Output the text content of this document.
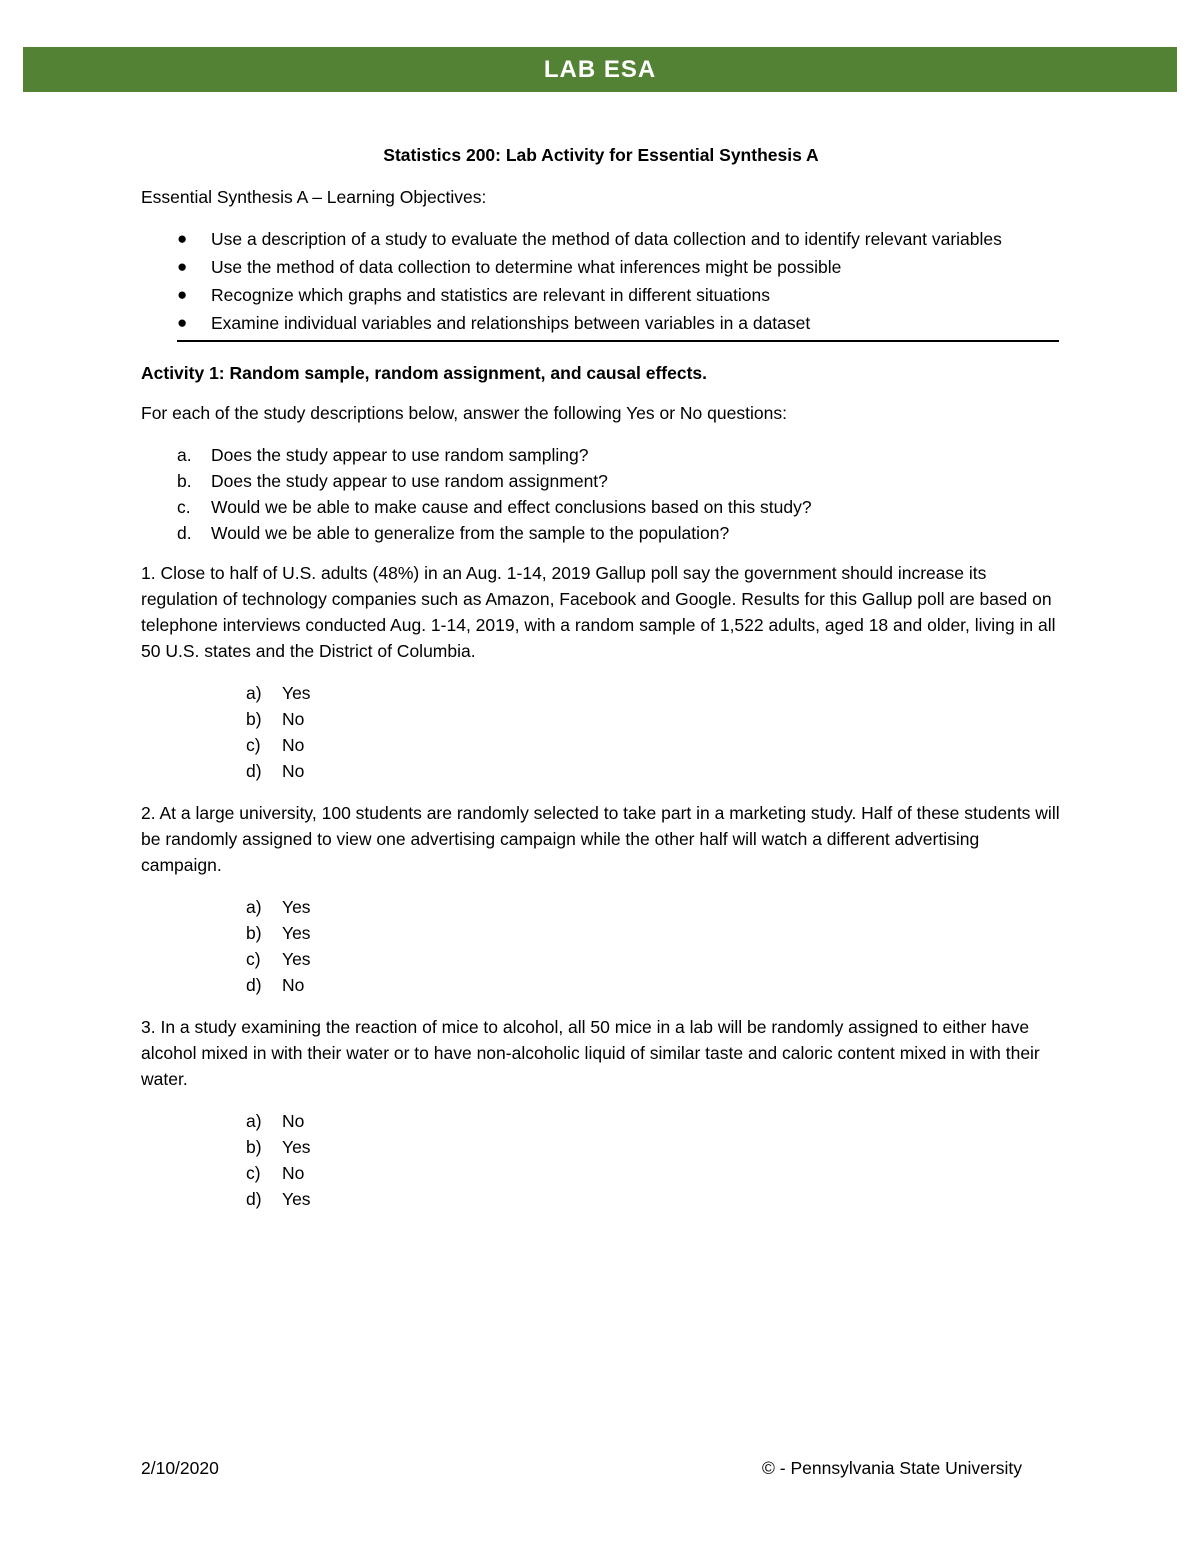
LAB ESA
Statistics 200: Lab Activity for Essential Synthesis A
Essential Synthesis A – Learning Objectives:
● Use a description of a study to evaluate the method of data collection and to identify relevant variables
● Use the method of data collection to determine what inferences might be possible
● Recognize which graphs and statistics are relevant in different situations
● Examine individual variables and relationships between variables in a dataset
Activity 1: Random sample, random assignment, and causal effects.
For each of the study descriptions below, answer the following Yes or No questions:
a. Does the study appear to use random sampling?
b. Does the study appear to use random assignment?
c. Would we be able to make cause and effect conclusions based on this study?
d. Would we be able to generalize from the sample to the population?
1. Close to half of U.S. adults (48%) in an Aug. 1-14, 2019 Gallup poll say the government should increase its regulation of technology companies such as Amazon, Facebook and Google. Results for this Gallup poll are based on telephone interviews conducted Aug. 1-14, 2019, with a random sample of 1,522 adults, aged 18 and older, living in all 50 U.S. states and the District of Columbia.
a) Yes
b) No
c) No
d) No
2. At a large university, 100 students are randomly selected to take part in a marketing study. Half of these students will be randomly assigned to view one advertising campaign while the other half will watch a different advertising campaign.
a) Yes
b) Yes
c) Yes
d) No
3. In a study examining the reaction of mice to alcohol, all 50 mice in a lab will be randomly assigned to either have alcohol mixed in with their water or to have non-alcoholic liquid of similar taste and caloric content mixed in with their water.
a) No
b) Yes
c) No
d) Yes
2/10/2020	© - Pennsylvania State University
